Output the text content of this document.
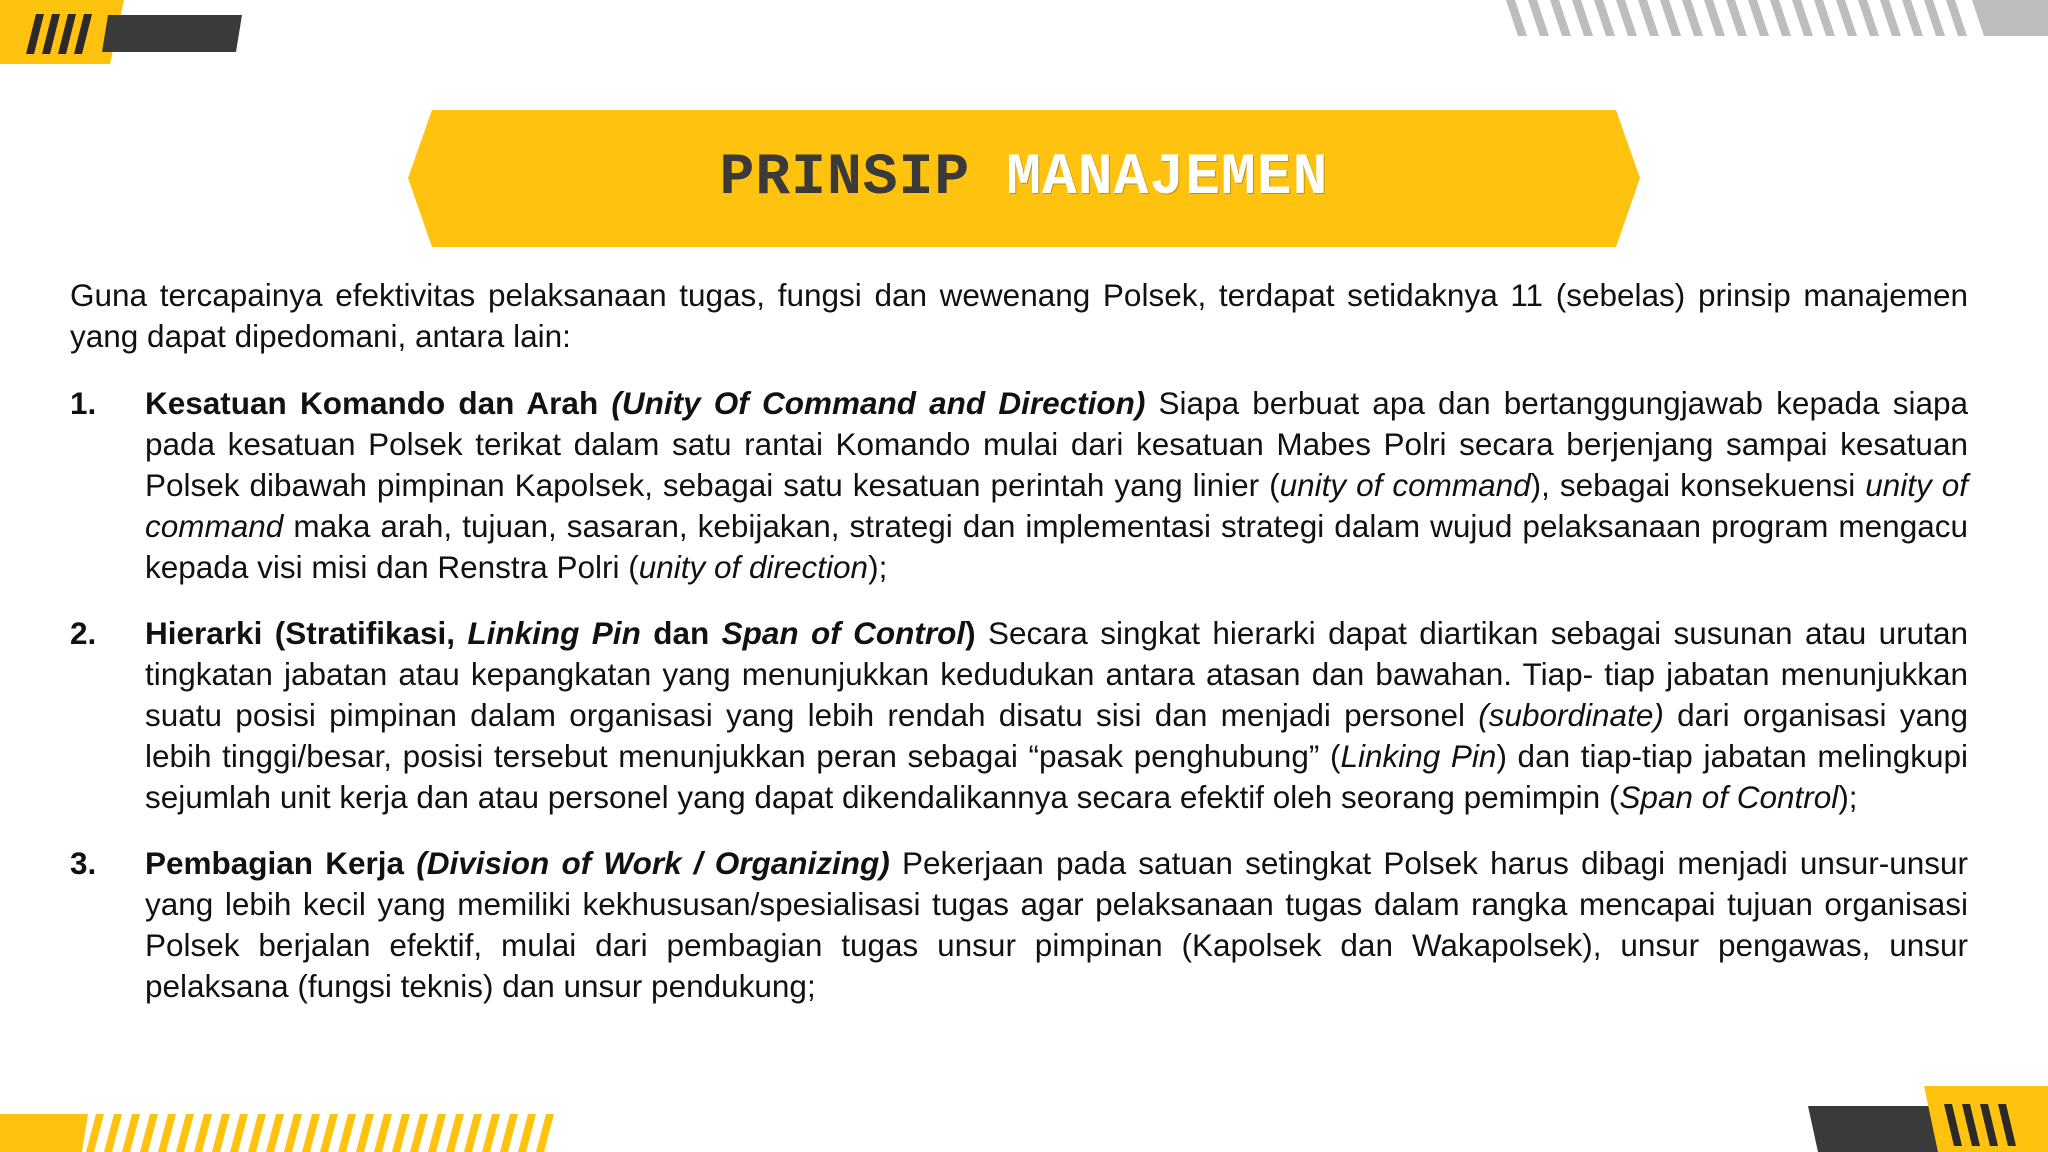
PRINSIP MANAJEMEN

Guna tercapainya efektivitas pelaksanaan tugas, fungsi dan wewenang Polsek, terdapat setidaknya 11 (sebelas) prinsip manajemen yang dapat dipedomani, antara lain:

1. Kesatuan Komando dan Arah (Unity Of Command and Direction) Siapa berbuat apa dan bertanggungjawab kepada siapa pada kesatuan Polsek terikat dalam satu rantai Komando mulai dari kesatuan Mabes Polri secara berjenjang sampai kesatuan Polsek dibawah pimpinan Kapolsek, sebagai satu kesatuan perintah yang linier (unity of command), sebagai konsekuensi unity of command maka arah, tujuan, sasaran, kebijakan, strategi dan implementasi strategi dalam wujud pelaksanaan program mengacu kepada visi misi dan Renstra Polri (unity of direction);
2. Hierarki (Stratifikasi, Linking Pin dan Span of Control) Secara singkat hierarki dapat diartikan sebagai susunan atau urutan tingkatan jabatan atau kepangkatan yang menunjukkan kedudukan antara atasan dan bawahan. Tiap- tiap jabatan menunjukkan suatu posisi pimpinan dalam organisasi yang lebih rendah disatu sisi dan menjadi personel (subordinate) dari organisasi yang lebih tinggi/besar, posisi tersebut menunjukkan peran sebagai “pasak penghubung” (Linking Pin) dan tiap-tiap jabatan melingkupi sejumlah unit kerja dan atau personel yang dapat dikendalikannya secara efektif oleh seorang pemimpin (Span of Control);
3. Pembagian Kerja (Division of Work / Organizing) Pekerjaan pada satuan setingkat Polsek harus dibagi menjadi unsur-unsur yang lebih kecil yang memiliki kekhususan/spesialisasi tugas agar pelaksanaan tugas dalam rangka mencapai tujuan organisasi Polsek berjalan efektif, mulai dari pembagian tugas unsur pimpinan (Kapolsek dan Wakapolsek), unsur pengawas, unsur pelaksana (fungsi teknis) dan unsur pendukung;
